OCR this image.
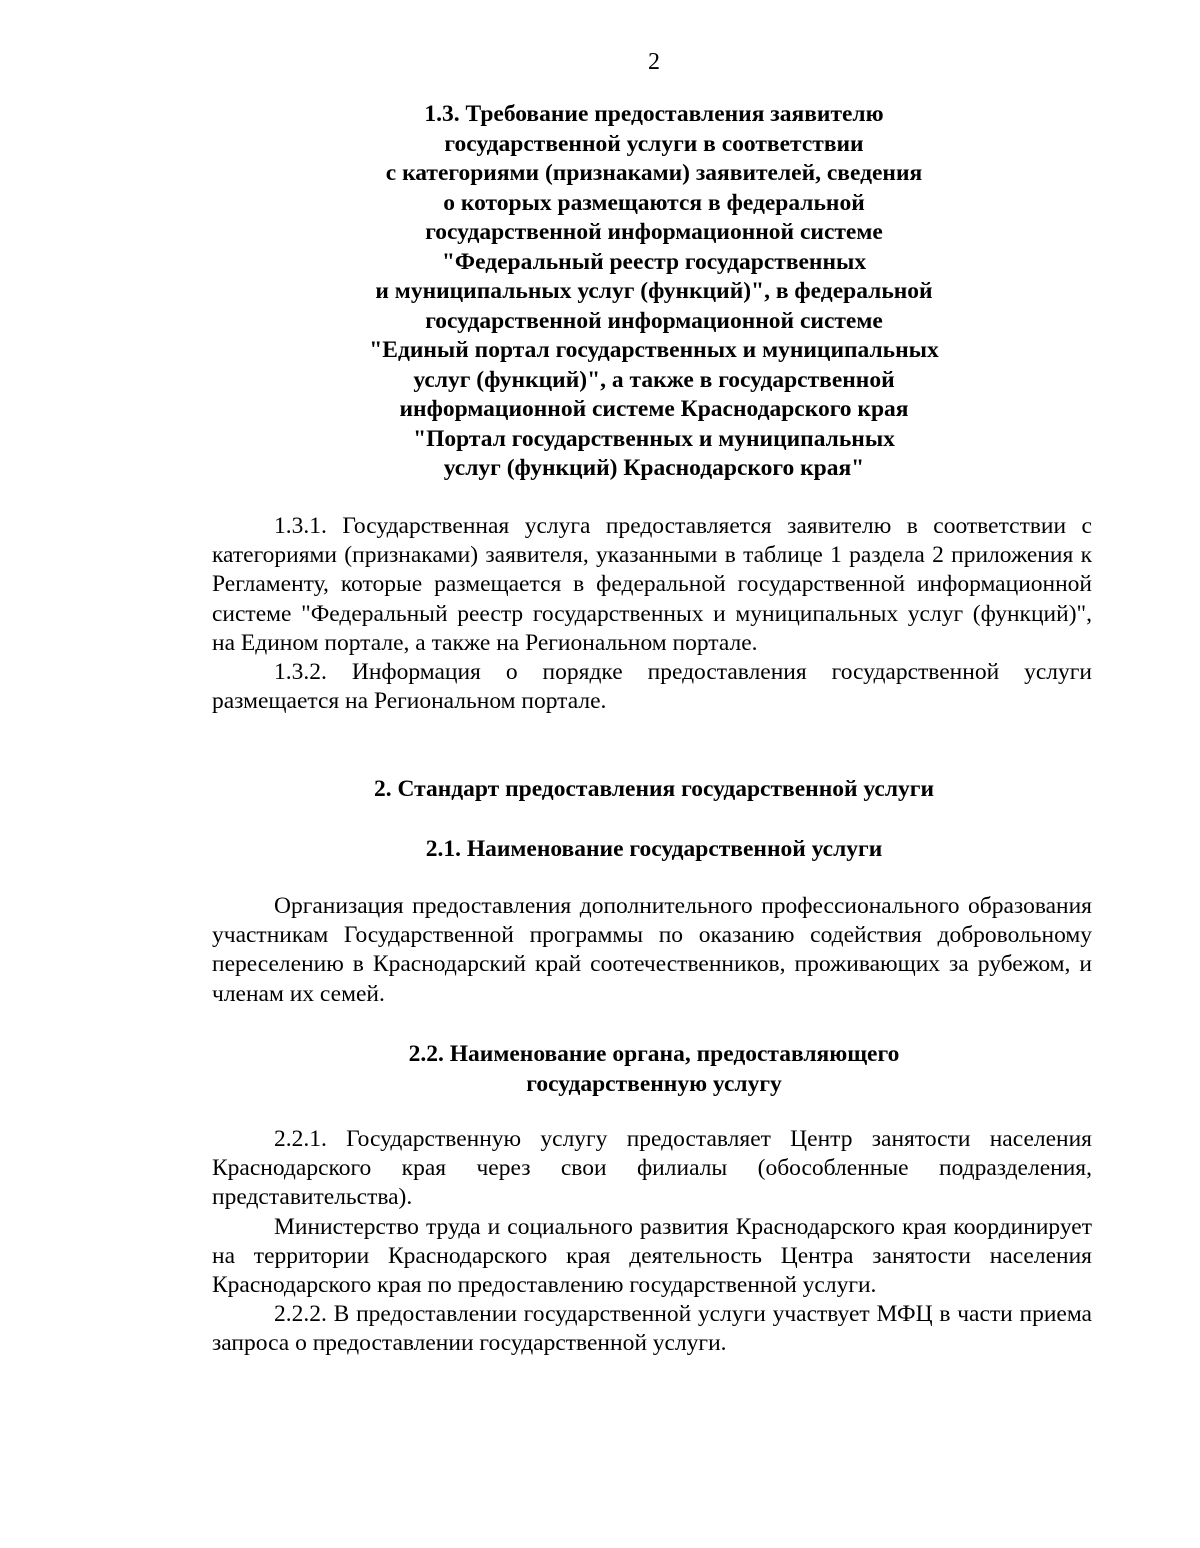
2
1.3. Требование предоставления заявителю
государственной услуги в соответствии
с категориями (признаками) заявителей, сведения
о которых размещаются в федеральной
государственной информационной системе
"Федеральный реестр государственных
и муниципальных услуг (функций)", в федеральной
государственной информационной системе
"Единый портал государственных и муниципальных
услуг (функций)", а также в государственной
информационной системе Краснодарского края
"Портал государственных и муниципальных
услуг (функций) Краснодарского края"

1.3.1. Государственная услуга предоставляется заявителю в соответствии с категориями (признаками) заявителя, указанными в таблице 1 раздела 2 приложения к Регламенту, которые размещается в федеральной государственной информационной системе "Федеральный реестр государственных и муниципальных услуг (функций)", на Едином портале, а также на Региональном портале.

1.3.2. Информация о порядке предоставления государственной услуги размещается на Региональном портале.

2. Стандарт предоставления государственной услуги
2.1. Наименование государственной услуги

Организация предоставления дополнительного профессионального образования участникам Государственной программы по оказанию содействия добровольному переселению в Краснодарский край соотечественников, проживающих за рубежом, и членам их семей.

2.2. Наименование органа, предоставляющего
государственную услугу

2.2.1. Государственную услугу предоставляет Центр занятости населения Краснодарского края через свои филиалы (обособленные подразделения, представительства).

Министерство труда и социального развития Краснодарского края координирует на территории Краснодарского края деятельность Центра занятости населения Краснодарского края по предоставлению государственной услуги.

2.2.2. В предоставлении государственной услуги участвует МФЦ в части приема запроса о предоставлении государственной услуги.
